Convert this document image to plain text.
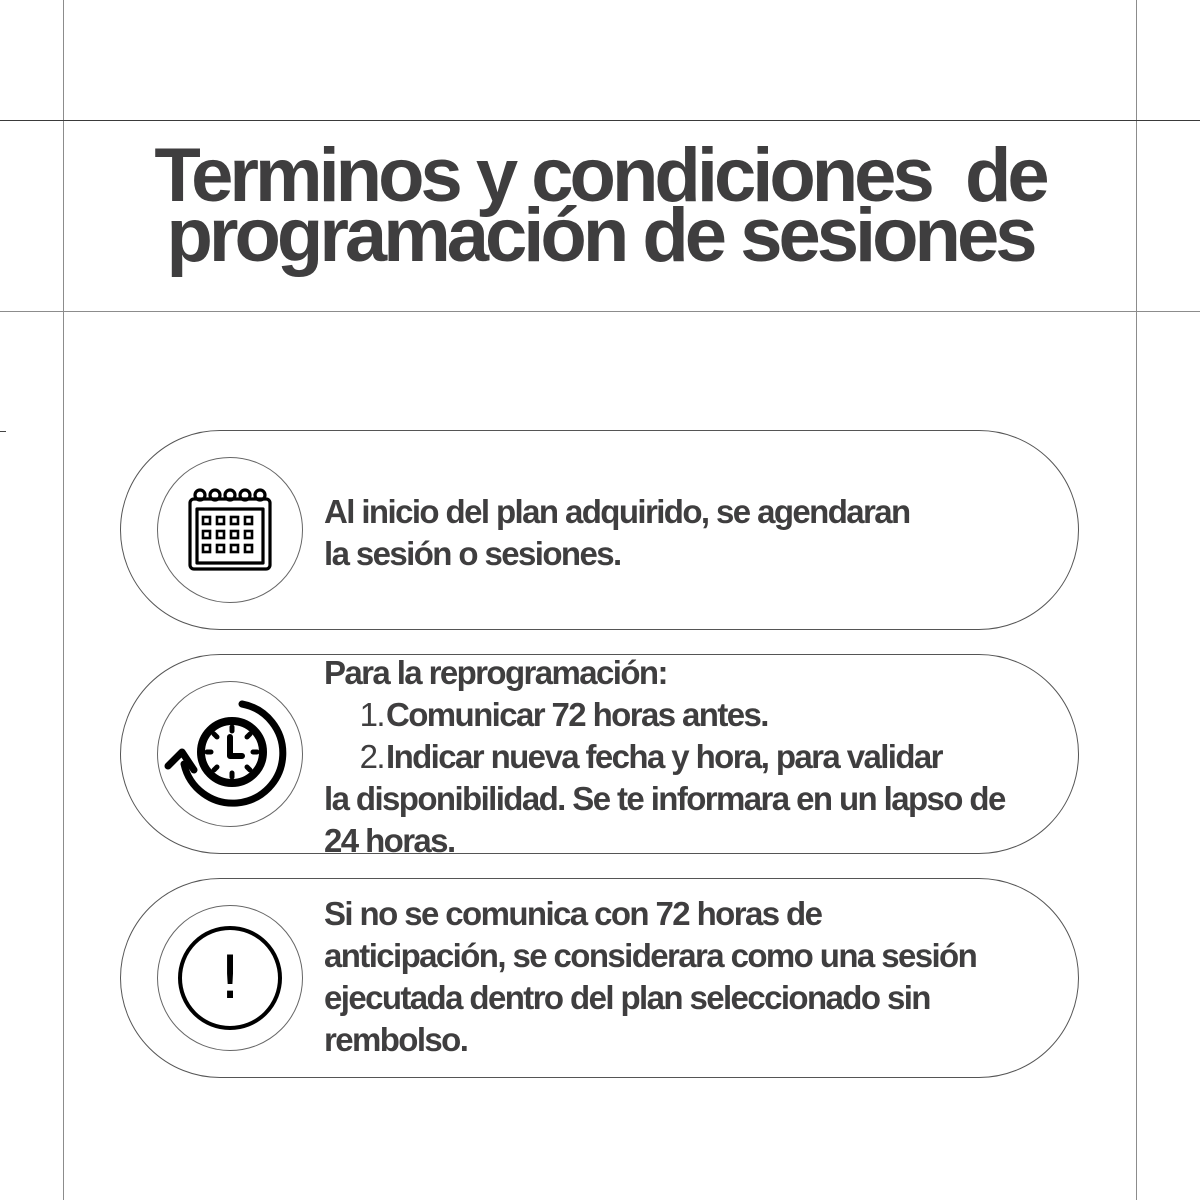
Terminos y condiciones  de
programación de sesiones
Al inicio del plan adquirido, se agendaran
la sesión o sesiones.
Para la reprogramación:
1.Comunicar 72 horas antes.
2.Indicar nueva fecha y hora, para validar
la disponibilidad. Se te informara en un lapso de
24 horas.
!
Si no se comunica con 72 horas de
anticipación, se considerara como una sesión
ejecutada dentro del plan seleccionado sin
rembolso.
